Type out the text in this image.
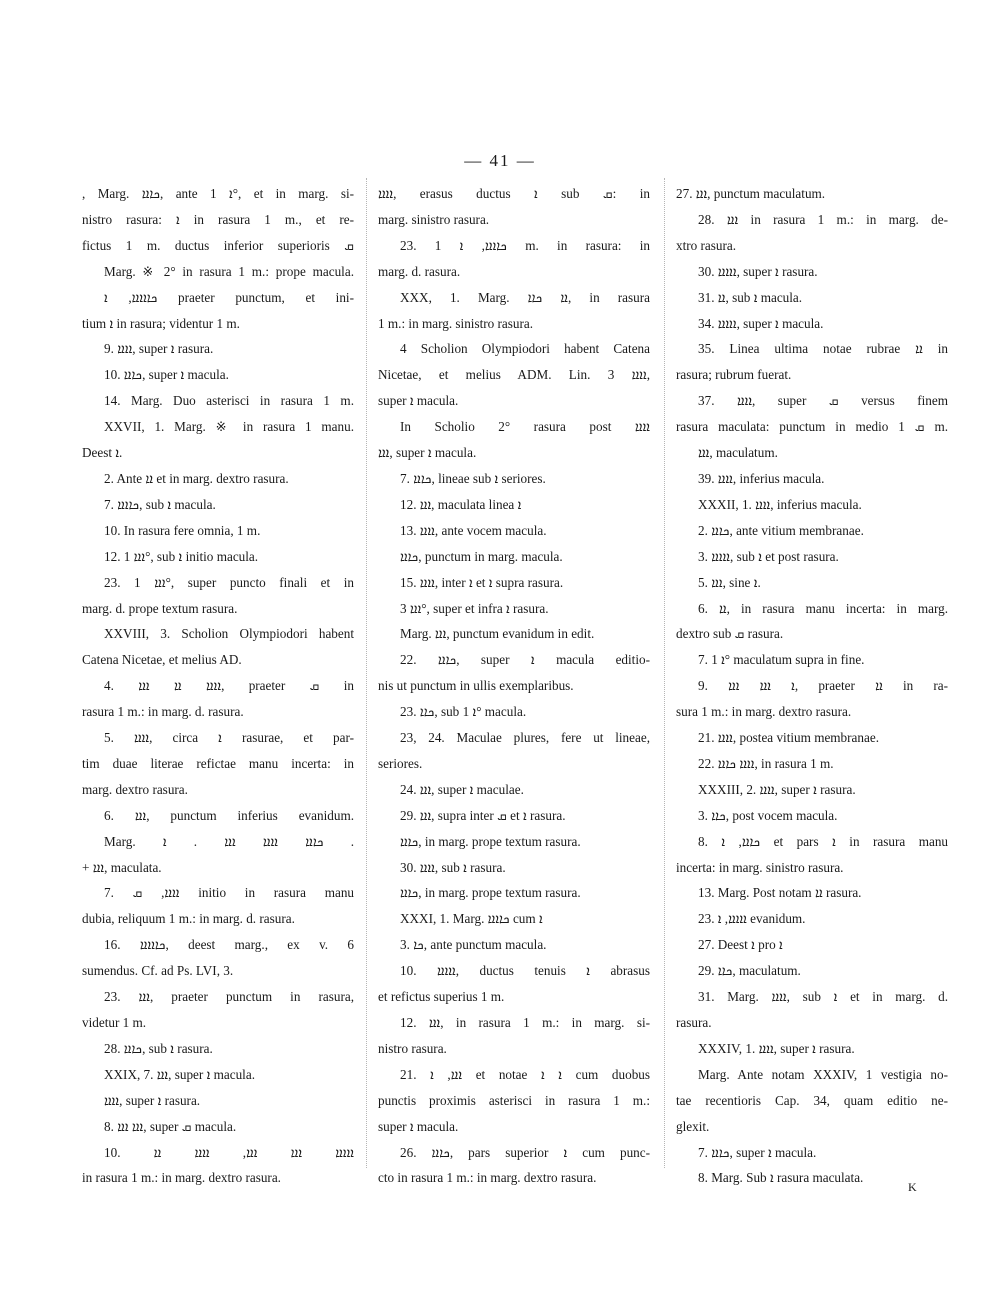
— 41 —

, Marg. ܟܐܐܐ, ante ܐ 1°, et in marg. si-

nistro rasura: ܐ in rasura 1 m., et re-

fictus 1 m. ductus inferior superioris ܩ

Marg. ※ 2° in rasura 1 m.: prope macula.

ܟܐܐܐܐܐ, ܐ praeter punctum, et ini-

tium ܐ in rasura; videntur 1 m.

9. ܐܐܐܐ, super ܐ rasura.

10. ܟܐܐܐ, super ܐ macula.

14. Marg. Duo asterisci in rasura 1 m.

XXVII, 1. Marg. ※ in rasura 1 manu.

Deest ܐ.

2. Ante ܐܐ et in marg. dextro rasura.

7. ܟܐܐܐܐ, sub ܐ macula.

10. In rasura fere omnia, 1 m.

12. ܐܐܐ 1°, sub ܐ initio macula.

23. ܐܐܐ 1°, super puncto finali et in

marg. d. prope textum rasura.

XXVIII, 3. Scholion Olympiodori habent

Catena Nicetae, et melius AD.

4. ܐܐܐܐ ܐܐ ܐܐܐ, praeter ܩ in

rasura 1 m.: in marg. d. rasura.

5. ܐܐܐܐ, circa ܐ rasurae, et par-

tim duae literae refictae manu incerta: in

marg. dextro rasura.

6. ܐܐܐ, punctum inferius evanidum.

Marg. ܟܐܐܐ ܐܐܐܐ ܐܐܐ . ܐ .

+ ܐܐܐ, maculata.

7. ܐܐܐܐ, ܩ initio in rasura manu

dubia, reliquum 1 m.: in marg. d. rasura.

16. ܟܐܐܐܐܐ, deest marg., ex v. 6

sumendus. Cf. ad Ps. LVI, 3.

23. ܐܐܐ, praeter punctum in rasura,

videtur 1 m.

28. ܟܐܐܐ, sub ܐ rasura.

XXIX, 7. ܐܐܐ, super ܐ macula.

ܐܐܐܐ, super ܐ rasura.

8. ܐܐܐ ܐܐܐ, super ܩ macula.

10. ܐܐܐܐܐ ܐܐܐ ܐܐܐ, ܐܐܐܐ ܐܐ

in rasura 1 m.: in marg. dextro rasura.

ܐܐܐܐ, erasus ductus ܐ sub ܩ: in

marg. sinistro rasura.

23. ܟܐܐܐܐ, ܐ 1 m. in rasura: in

marg. d. rasura.

XXX, 1. Marg. ܐܐ ܟܐܐ, in rasura

1 m.: in marg. sinistro rasura.

4 Scholion Olympiodori habent Catena

Nicetae, et melius ADM. Lin. 3 ܐܐܐܐ,

super ܐ macula.

In Scholio 2° rasura post ܐܐܐܐ

ܐܐܐ, super ܐ macula.

7. ܟܐܐܐ, lineae sub ܐ seriores.

12. ܐܐܐ, maculata linea ܐ

13. ܐܐܐܐ, ante vocem macula.

ܟܐܐܐ, punctum in marg. macula.

15. ܐܐܐܐ, inter ܐ et ܐ supra rasura.

ܐܐܐ 3°, super et infra ܐ rasura.

Marg. ܐܐܐ, punctum evanidum in edit.

22. ܟܐܐܐ, super ܐ macula editio-

nis ut punctum in ullis exemplaribus.

23. ܟܐܐ, sub ܐ 1° macula.

23, 24. Maculae plures, fere ut lineae,

seriores.

24. ܐܐܐ, super ܐ maculae.

29. ܐܐܐ, supra inter ܩ et ܐ rasura.

ܟܐܐܐ, in marg. prope textum rasura.

30. ܐܐܐܐ, sub ܐ rasura.

ܟܐܐܐ, in marg. prope textum rasura.

XXXI, 1. Marg. ܟܐܐܐܐ cum ܐ

3. ܟܐ, ante punctum macula.

10. ܐܐܐܐܐ, ductus tenuis ܐ abrasus

et refictus superius 1 m.

12. ܐܐܐ, in rasura 1 m.: in marg. si-

nistro rasura.

21. ܐܐܐ, ܐ et notae ܐ ܐ cum duobus

punctis proximis asterisci in rasura 1 m.:

super ܐ macula.

26. ܟܐܐܐ, pars superior ܐ cum punc-

cto in rasura 1 m.: in marg. dextro rasura.

27. ܐܐܐ, punctum maculatum.

28. ܐܐܐ in rasura 1 m.: in marg. de-

xtro rasura.

30. ܐܐܐܐܐ, super ܐ rasura.

31. ܐܐ, sub ܐ macula.

34. ܐܐܐܐܐ, super ܐ macula.

35. Linea ultima notae rubrae ܐܐ in

rasura; rubrum fuerat.

37. ܐܐܐܐ, super ܩ versus finem

rasura maculata: punctum in medio ܩ 1 m.

ܐܐܐ, maculatum.

39. ܐܐܐܐ, inferius macula.

XXXII, 1. ܐܐܐܐ, inferius macula.

2. ܟܐܐܐ, ante vitium membranae.

3. ܐܐܐܐܐ, sub ܐ et post rasura.

5. ܐܐܐ, sine ܐ.

6. ܐܐ, in rasura manu incerta: in marg.

dextro sub ܩ rasura.

7. ܐ 1° maculatum supra in fine.

9. ܐ ܐܐܐ ܐܐܐ, praeter ܐܐ in ra-

sura 1 m.: in marg. dextro rasura.

21. ܐܐܐܐ, postea vitium membranae.

22. ܐܐܐܐ ܟܐܐܐ, in rasura 1 m.

XXXIII, 2. ܐܐܐܐ, super ܐ rasura.

3. ܟܐܐ, post vocem macula.

8. ܟܐܐܐ, ܐ et pars ܐ in rasura manu

incerta: in marg. sinistro rasura.

13. Marg. Post notam ܐܐ rasura.

23. ܐܐܐܐܐ, ܐ evanidum.

27. Deest ܐ pro ܐ

29. ܟܐܐ, maculatum.

31. Marg. ܐܐܐܐ, sub ܐ et in marg. d.

rasura.

XXXIV, 1. ܐܐܐܐ, super ܐ rasura.

Marg. Ante notam XXXIV, 1 vestigia no-

tae recentioris Cap. 34, quam editio ne-

glexit.

7. ܟܐܐܐ, super ܐ macula.

8. Marg. Sub ܐ rasura maculata.

K
